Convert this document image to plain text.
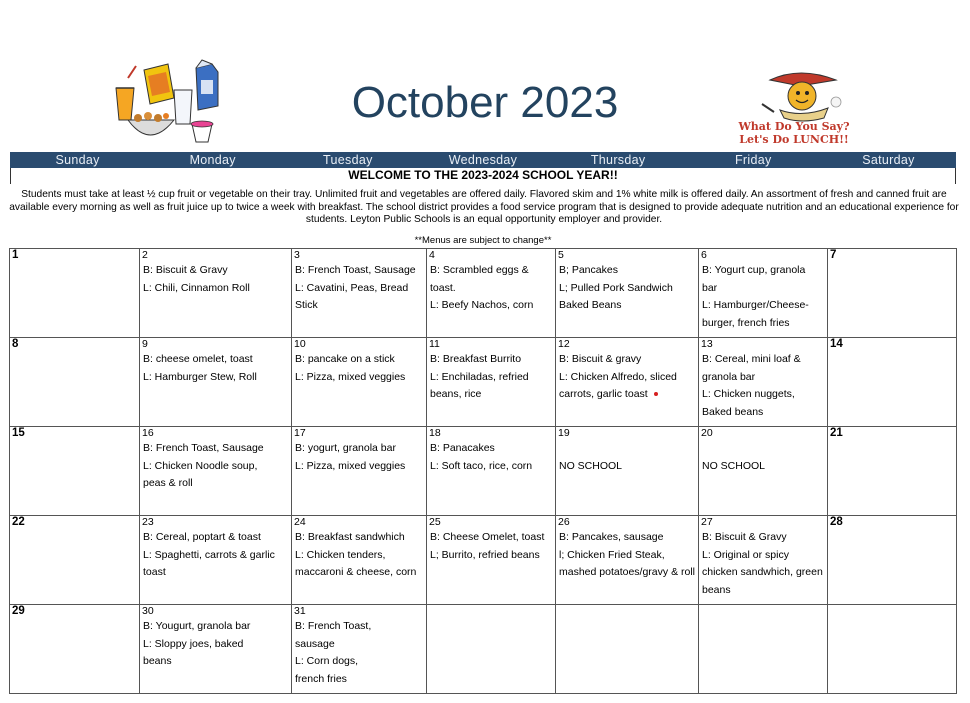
October 2023	What Do You Say?
Let's Do LUNCH!!
Sunday	Monday	Tuesday	Wednesday	Thursday	Friday	Saturday
WELCOME TO THE 2023-2024 SCHOOL YEAR!!
Students must take at least ½ cup fruit or vegetable on their tray. Unlimited fruit and vegetables are offered daily. Flavored skim and 1% white milk is offered daily. An assortment of fresh and canned fruit are available every morning as well as fruit juice up to twice a week with breakfast. The school district provides a food service program that is designed to provide adequate nutrition and an educational experience for students. Leyton Public Schools is an equal opportunity employer and provider.
**Menus are subject to change**
1	2
B: Biscuit & Gravy
L: Chili, Cinnamon Roll	3
B: French Toast, Sausage
L: Cavatini, Peas, Bread
Stick	4
B: Scrambled eggs &
toast.
L: Beefy Nachos, corn	5
B; Pancakes
L; Pulled Pork Sandwich
Baked Beans	6
B: Yogurt cup, granola
bar
L: Hamburger/Cheese-
burger, french fries	7

8	9
B: cheese omelet, toast
L: Hamburger Stew, Roll	10
B: pancake on a stick
L: Pizza, mixed veggies	11
B: Breakfast Burrito
L: Enchiladas, refried
beans, rice	12
B: Biscuit & gravy
L: Chicken Alfredo, sliced
carrots, garlic toast	13
B: Cereal, mini loaf &
granola bar
L: Chicken nuggets,
Baked beans	14

15	16
B: French Toast, Sausage
L: Chicken Noodle soup,
peas & roll	17
B: yogurt, granola bar
L: Pizza, mixed veggies	18
B: Panacakes
L: Soft taco, rice, corn	19

NO SCHOOL	20

NO SCHOOL	21

22	23
B: Cereal, poptart & toast
L: Spaghetti, carrots & garlic
toast	24
B: Breakfast sandwhich
L: Chicken tenders,
maccaroni & cheese, corn	25
B: Cheese Omelet, toast
L; Burrito, refried beans	26
B: Pancakes, sausage
l; Chicken Fried Steak,
mashed potatoes/gravy & roll	27
B: Biscuit & Gravy
L: Original or spicy
chicken sandwhich, green
beans	28

29	30
B: Yougurt, granola bar
L: Sloppy joes, baked
beans	31
B: French Toast,
sausage
L: Corn dogs,
french fries				
